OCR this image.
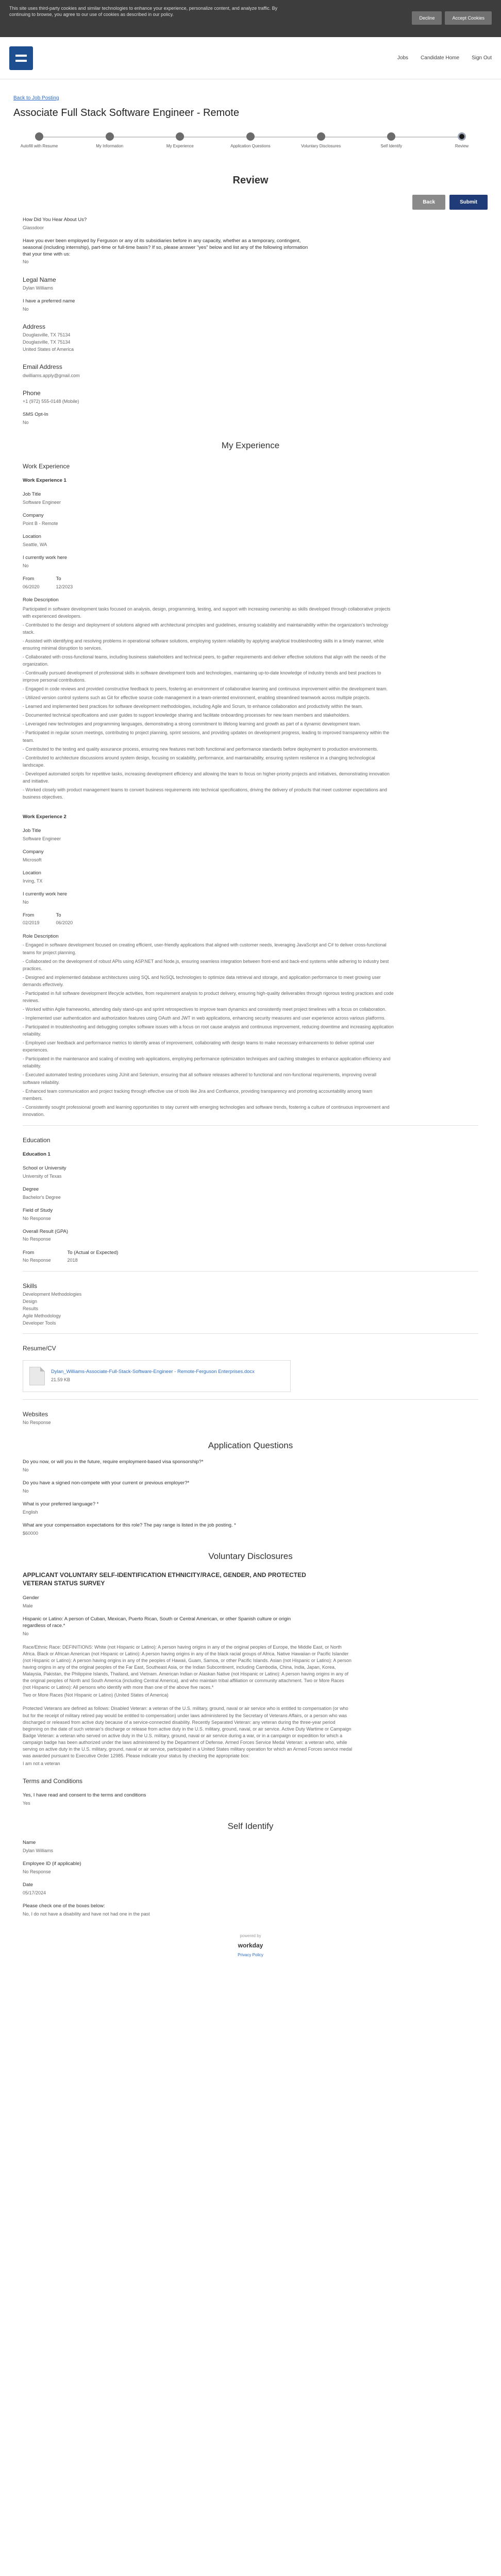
This site uses third-party cookies and similar technologies to enhance your experience, personalize content, and analyze traffic. By continuing to browse, you agree to our use of cookies as described in our policy.
Decline	Accept Cookies
Jobs Candidate Home Sign Out
Back to Job Posting
Associate Full Stack Software Engineer - Remote
Autofill with Resume	My Information	My Experience	Application Questions	Voluntary Disclosures	Self Identify	Review
Review
Back	Submit
How Did You Hear About Us?
Glassdoor
Have you ever been employed by Ferguson or any of its subsidiaries before in any capacity, whether as a temporary, contingent, seasonal (including internship), part-time or full-time basis? If so, please answer "yes" below and list any of the following information that your time with us:
No
Legal Name
Dylan Williams
I have a preferred name
No
Address
Douglasville, TX 75134
Douglasville, TX 75134
United States of America
Email Address
dwilliams.apply@gmail.com
Phone
+1 (972) 555-0148 (Mobile)
SMS Opt-In
No
My Experience
Work Experience
Work Experience 1
Job Title
Software Engineer
Company
Point B - Remote
Location
Seattle, WA
I currently work here
No
From
06/2020
To
12/2023
Role Description
Participated in software development tasks focused on analysis, design, programming, testing, and support with increasing ownership as skills developed through collaborative projects with experienced developers.
- Contributed to the design and deployment of solutions aligned with architectural principles and guidelines, ensuring scalability and maintainability within the organization's technology stack.
- Assisted with identifying and resolving problems in operational software solutions, employing system reliability by applying analytical troubleshooting skills in a timely manner, while ensuring minimal disruption to services.
- Collaborated with cross-functional teams, including business stakeholders and technical peers, to gather requirements and deliver effective solutions that align with the needs of the organization.
- Continually pursued development of professional skills in software development tools and technologies, maintaining up-to-date knowledge of industry trends and best practices to improve personal contributions.
- Engaged in code reviews and provided constructive feedback to peers, fostering an environment of collaborative learning and continuous improvement within the development team.
- Utilized version control systems such as Git for effective source code management in a team-oriented environment, enabling streamlined teamwork across multiple projects.
- Learned and implemented best practices for software development methodologies, including Agile and Scrum, to enhance collaboration and productivity within the team.
- Documented technical specifications and user guides to support knowledge sharing and facilitate onboarding processes for new team members and stakeholders.
- Leveraged new technologies and programming languages, demonstrating a strong commitment to lifelong learning and growth as part of a dynamic development team.
- Participated in regular scrum meetings, contributing to project planning, sprint sessions, and providing updates on development progress, leading to improved transparency within the team.
- Contributed to the testing and quality assurance process, ensuring new features met both functional and performance standards before deployment to production environments.
- Contributed to architecture discussions around system design, focusing on scalability, performance, and maintainability, ensuring system resilience in a changing technological landscape.
- Developed automated scripts for repetitive tasks, increasing development efficiency and allowing the team to focus on higher-priority projects and initiatives, demonstrating innovation and initiative.
- Worked closely with product management teams to convert business requirements into technical specifications, driving the delivery of products that meet customer expectations and business objectives.
Work Experience 2
Job Title
Software Engineer
Company
Microsoft
Location
Irving, TX
I currently work here
No
From
02/2019
To
06/2020
Role Description
- Engaged in software development focused on creating efficient, user-friendly applications that aligned with customer needs, leveraging JavaScript and C# to deliver cross-functional teams for project planning.
- Collaborated on the development of robust APIs using ASP.NET and Node.js, ensuring seamless integration between front-end and back-end systems while adhering to industry best practices.
- Designed and implemented database architectures using SQL and NoSQL technologies to optimize data retrieval and storage, and application performance to meet growing user demands effectively.
- Participated in full software development lifecycle activities, from requirement analysis to product delivery, ensuring high-quality deliverables through rigorous testing practices and code reviews.
- Worked within Agile frameworks, attending daily stand-ups and sprint retrospectives to improve team dynamics and consistently meet project timelines with a focus on collaboration.
- Implemented user authentication and authorization features using OAuth and JWT in web applications, enhancing security measures and user experience across various platforms.
- Participated in troubleshooting and debugging complex software issues with a focus on root cause analysis and continuous improvement, reducing downtime and increasing application reliability.
- Employed user feedback and performance metrics to identify areas of improvement, collaborating with design teams to make necessary enhancements to deliver optimal user experiences.
- Participated in the maintenance and scaling of existing web applications, employing performance optimization techniques and caching strategies to enhance application efficiency and reliability.
- Executed automated testing procedures using JUnit and Selenium, ensuring that all software releases adhered to functional and non-functional requirements, improving overall software reliability.
- Enhanced team communication and project tracking through effective use of tools like Jira and Confluence, providing transparency and promoting accountability among team members.
- Consistently sought professional growth and learning opportunities to stay current with emerging technologies and software trends, fostering a culture of continuous improvement and innovation.
Education
Education 1
School or University
University of Texas
Degree
Bachelor's Degree
Field of Study
No Response
Overall Result (GPA)
No Response
From
No Response
To (Actual or Expected)
2018
Skills
Development Methodologies
Design
Results
Agile Methodology
Developer Tools
Resume/CV
Dylan_Williams-Associate-Full-Stack-Software-Engineer - Remote-Ferguson Enterprises.docx
21.59 KB
Websites
No Response
Application Questions
Do you now, or will you in the future, require employment-based visa sponsorship?*
No
Do you have a signed non-compete with your current or previous employer?*
No
What is your preferred language? *
English
What are your compensation expectations for this role? The pay range is listed in the job posting. *
$60000
Voluntary Disclosures
APPLICANT VOLUNTARY SELF-IDENTIFICATION ETHNICITY/RACE, GENDER, AND PROTECTED VETERAN STATUS SURVEY
Gender
Male
Hispanic or Latino: A person of Cuban, Mexican, Puerto Rican, South or Central American, or other Spanish culture or origin regardless of race.*
No
Race/Ethnic Race: DEFINITIONS: White (not Hispanic or Latino): A person having origins in any of the original peoples of Europe, the Middle East, or North Africa. Black or African American (not Hispanic or Latino): A person having origins in any of the black racial groups of Africa. Native Hawaiian or Pacific Islander (not Hispanic or Latino): A person having origins in any of the peoples of Hawaii, Guam, Samoa, or other Pacific Islands. Asian (not Hispanic or Latino): A person having origins in any of the original peoples of the Far East, Southeast Asia, or the Indian Subcontinent, including Cambodia, China, India, Japan, Korea, Malaysia, Pakistan, the Philippine Islands, Thailand, and Vietnam. American Indian or Alaskan Native (not Hispanic or Latino): A person having origins in any of the original peoples of North and South America (including Central America), and who maintain tribal affiliation or community attachment. Two or More Races (not Hispanic or Latino): All persons who identify with more than one of the above five races.*
Two or More Races (Not Hispanic or Latino) (United States of America)
Protected Veterans are defined as follows: Disabled Veteran: a veteran of the U.S. military, ground, naval or air service who is entitled to compensation (or who but for the receipt of military retired pay would be entitled to compensation) under laws administered by the Secretary of Veterans Affairs, or a person who was discharged or released from active duty because of a service-connected disability. Recently Separated Veteran: any veteran during the three-year period beginning on the date of such veteran's discharge or release from active duty in the U.S. military, ground, naval, or air service. Active Duty Wartime or Campaign Badge Veteran: a veteran who served on active duty in the U.S. military, ground, naval or air service during a war, or in a campaign or expedition for which a campaign badge has been authorized under the laws administered by the Department of Defense. Armed Forces Service Medal Veteran: a veteran who, while serving on active duty in the U.S. military, ground, naval or air service, participated in a United States military operation for which an Armed Forces service medal was awarded pursuant to Executive Order 12985. Please indicate your status by checking the appropriate box:
I am not a veteran
Terms and Conditions
Yes, I have read and consent to the terms and conditions
Yes
Self Identify
Name
Dylan Williams
Employee ID (if applicable)
No Response
Date
05/17/2024
Please check one of the boxes below:
No, I do not have a disability and have not had one in the past
powered by
workday
Privacy Policy
